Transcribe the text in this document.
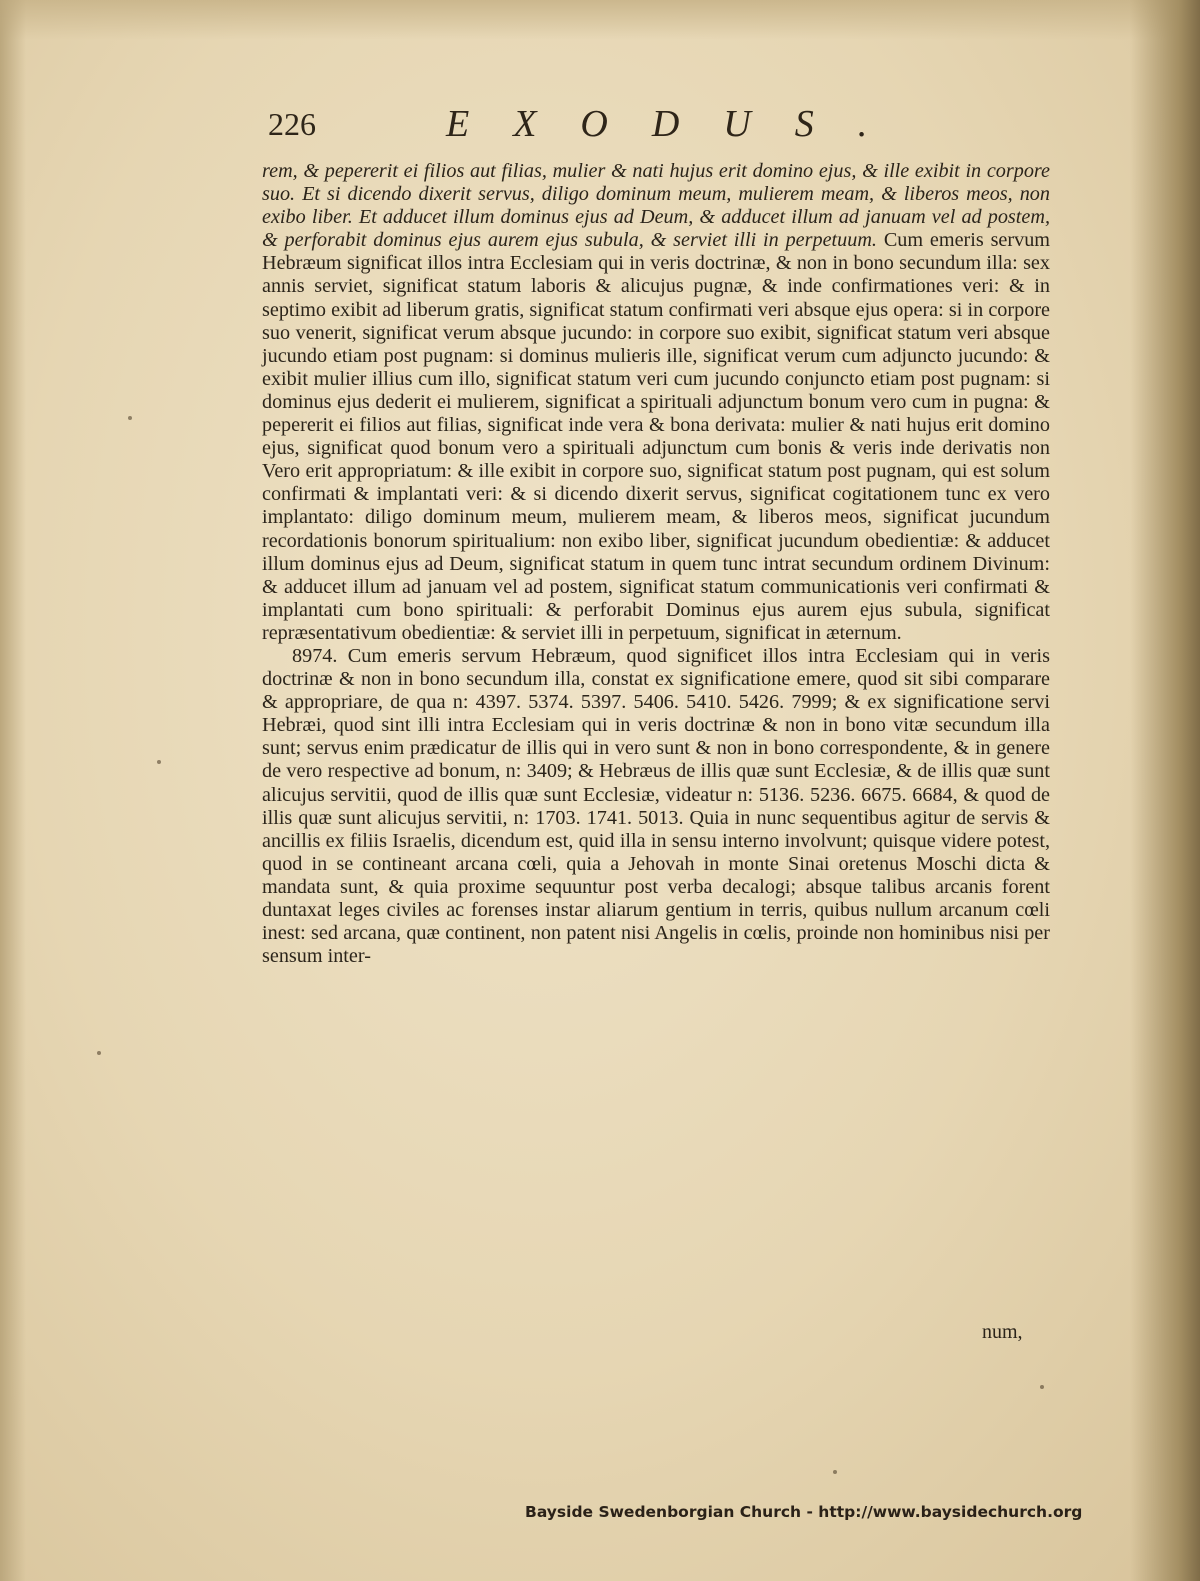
226	EXODUS.

rem, & pepererit ei filios aut filias, mulier & nati hujus erit domino ejus, & ille exibit in corpore suo. Et si dicendo dixerit servus, diligo dominum meum, mulierem meam, & liberos meos, non exibo liber. Et adducet illum dominus ejus ad Deum, & adducet illum ad januam vel ad postem, & perforabit dominus ejus aurem ejus subula, & serviet illi in perpetuum. Cum emeris servum Hebræum significat illos intra Ecclesiam qui in veris doctrinæ, & non in bono secundum illa: sex annis serviet, significat statum laboris & alicujus pugnæ, & inde confirmationes veri: & in septimo exibit ad liberum gratis, significat statum confirmati veri absque ejus opera: si in corpore suo venerit, significat verum absque jucundo: in corpore suo exibit, significat statum veri absque jucundo etiam post pugnam: si dominus mulieris ille, significat verum cum adjuncto jucundo: & exibit mulier illius cum illo, significat statum veri cum jucundo conjuncto etiam post pugnam: si dominus ejus dederit ei mulierem, significat a spirituali adjunctum bonum vero cum in pugna: & pepererit ei filios aut filias, significat inde vera & bona derivata: mulier & nati hujus erit domino ejus, significat quod bonum vero a spirituali adjunctum cum bonis & veris inde derivatis non Vero erit appropriatum: & ille exibit in corpore suo, significat statum post pugnam, qui est solum confirmati & implantati veri: & si dicendo dixerit servus, significat cogitationem tunc ex vero implantato: diligo dominum meum, mulierem meam, & liberos meos, significat jucundum recordationis bonorum spiritualium: non exibo liber, significat jucundum obedientiæ: & adducet illum dominus ejus ad Deum, significat statum in quem tunc intrat secundum ordinem Divinum: & adducet illum ad januam vel ad postem, significat statum communicationis veri confirmati & implantati cum bono spirituali: & perforabit Dominus ejus aurem ejus subula, significat repræsentativum obedientiæ: & serviet illi in perpetuum, significat in æternum.

8974. Cum emeris servum Hebræum, quod significet illos intra Ecclesiam qui in veris doctrinæ & non in bono secundum illa, constat ex significatione emere, quod sit sibi comparare & appropriare, de qua n: 4397. 5374. 5397. 5406. 5410. 5426. 7999; & ex significatione servi Hebræi, quod sint illi intra Ecclesiam qui in veris doctrinæ & non in bono vitæ secundum illa sunt; servus enim prædicatur de illis qui in vero sunt & non in bono correspondente, & in genere de vero respective ad bonum, n: 3409; & Hebræus de illis quæ sunt Ecclesiæ, & de illis quæ sunt alicujus servitii, quod de illis quæ sunt Ecclesiæ, videatur n: 5136. 5236. 6675. 6684, & quod de illis quæ sunt alicujus servitii, n: 1703. 1741. 5013. Quia in nunc sequentibus agitur de servis & ancillis ex filiis Israelis, dicendum est, quid illa in sensu interno involvunt; quisque videre potest, quod in se contineant arcana cœli, quia a Jehovah in monte Sinai oretenus Moschi dicta & mandata sunt, & quia proxime sequuntur post verba decalogi; absque talibus arcanis forent duntaxat leges civiles ac forenses instar aliarum gentium in terris, quibus nullum arcanum cœli inest: sed arcana, quæ continent, non patent nisi Angelis in cœlis, proinde non hominibus nisi per sensum inter-

num,
Bayside Swedenborgian Church - http://www.baysidechurch.org
